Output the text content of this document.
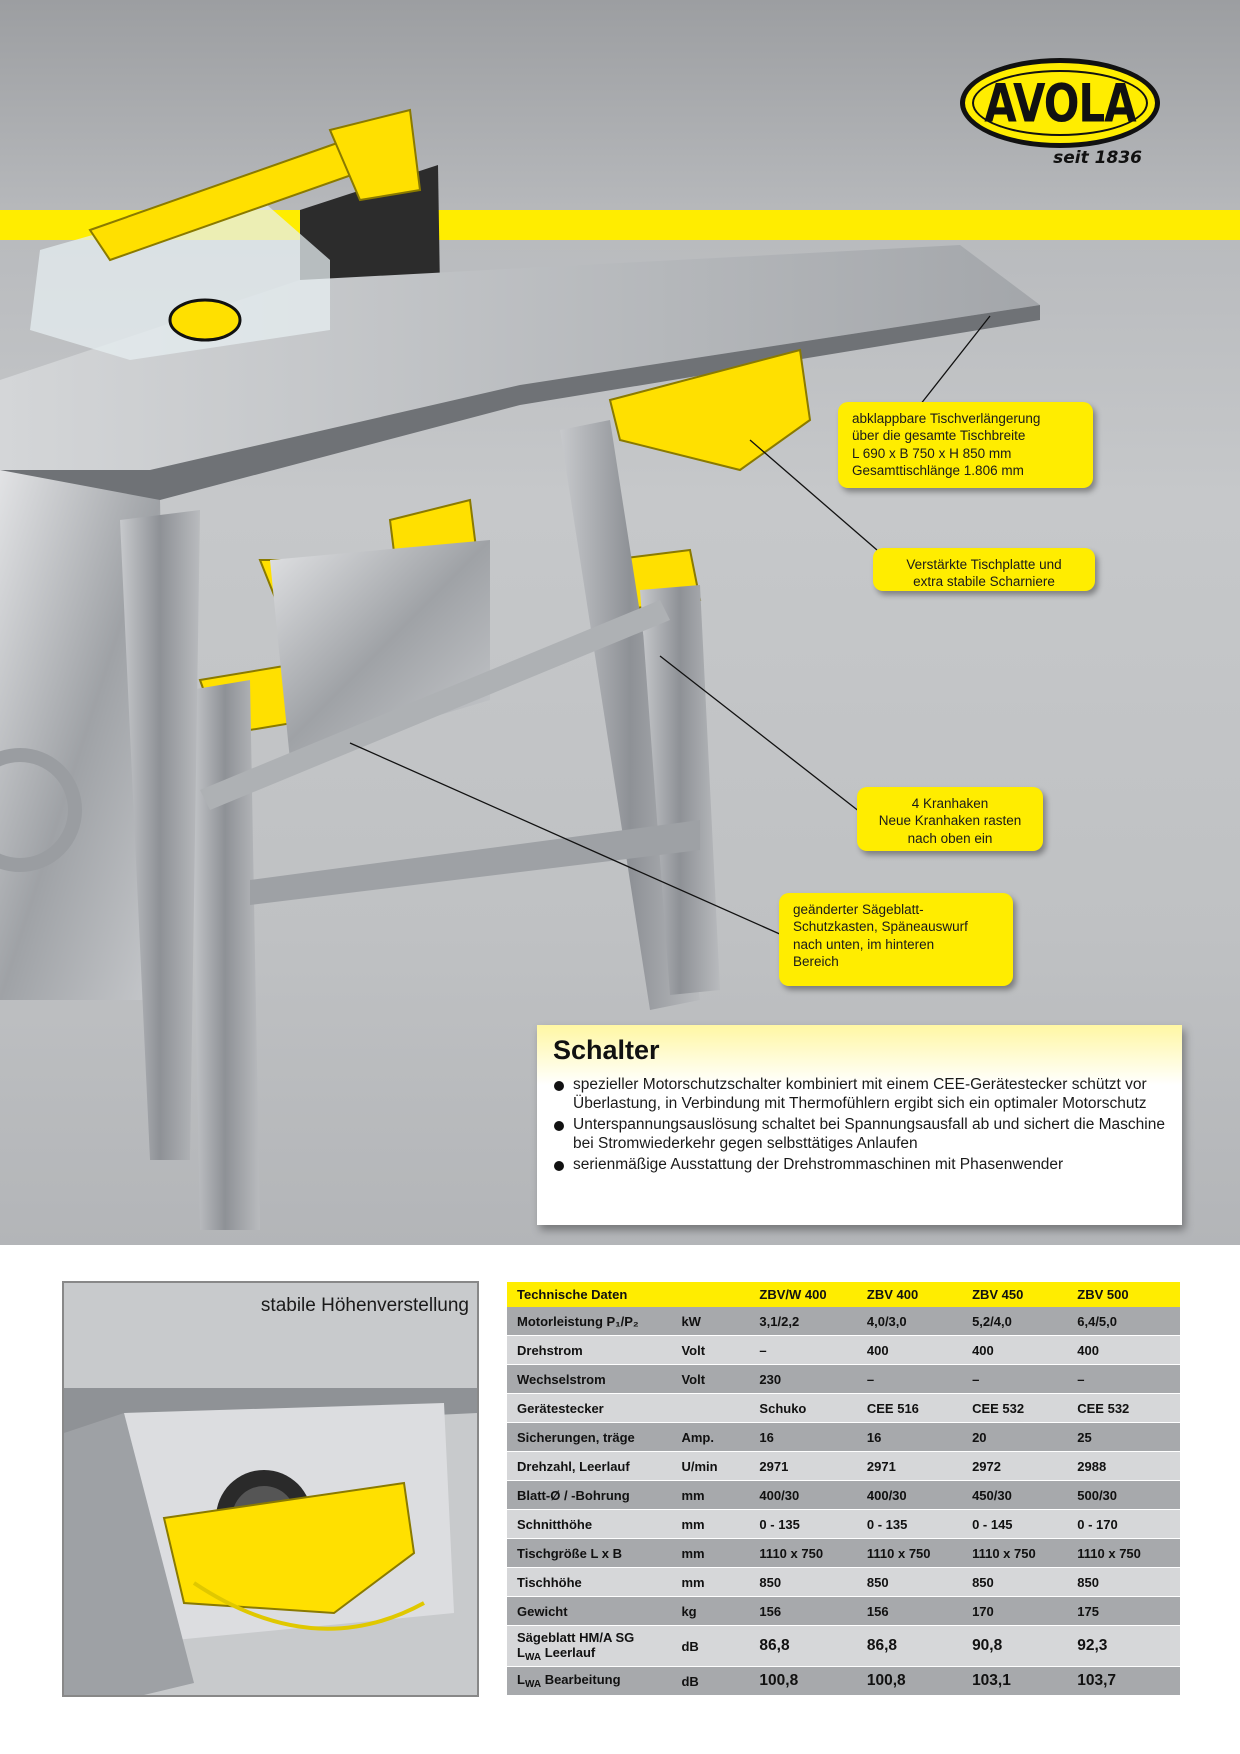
AVOLA
seit 1836
abklappbare Tischverlängerung
über die gesamte Tischbreite
L 690 x B 750 x H 850 mm
Gesamttischlänge 1.806 mm
Verstärkte Tischplatte und
extra stabile Scharniere
4 Kranhaken
Neue Kranhaken rasten
nach oben ein
geänderter Sägeblatt-
Schutzkasten, Späneauswurf
nach unten, im hinteren
Bereich
Schalter
spezieller Motorschutzschalter kombiniert mit einem CEE-Gerätestecker schützt vor Überlastung, in Verbindung mit Thermofühlern ergibt sich ein optimaler Motorschutz
Unterspannungsauslösung schaltet bei Spannungsausfall ab und sichert die Maschine bei Stromwiederkehr gegen selbsttätiges Anlaufen
serienmäßige Ausstattung der Drehstrommaschinen mit Phasenwender
stabile Höhenverstellung
Technische Daten		ZBV/W 400	ZBV 400	ZBV 450	ZBV 500
Motorleistung P₁/P₂	kW	3,1/2,2	4,0/3,0	5,2/4,0	6,4/5,0
Drehstrom	Volt	–	400	400	400
Wechselstrom	Volt	230	–	–	–
Gerätestecker		Schuko	CEE 516	CEE 532	CEE 532
Sicherungen, träge	Amp.	16	16	20	25
Drehzahl, Leerlauf	U/min	2971	2971	2972	2988
Blatt-Ø / -Bohrung	mm	400/30	400/30	450/30	500/30
Schnitthöhe	mm	0 - 135	0 - 135	0 - 145	0 - 170
Tischgröße L x B	mm	1110 x 750	1110 x 750	1110 x 750	1110 x 750
Tischhöhe	mm	850	850	850	850
Gewicht	kg	156	156	170	175
Sägeblatt HM/A SG
$L_{WA}$ Leerlauf	dB	86,8	86,8	90,8	92,3
$L_{WA}$ Bearbeitung	dB	100,8	100,8	103,1	103,7
